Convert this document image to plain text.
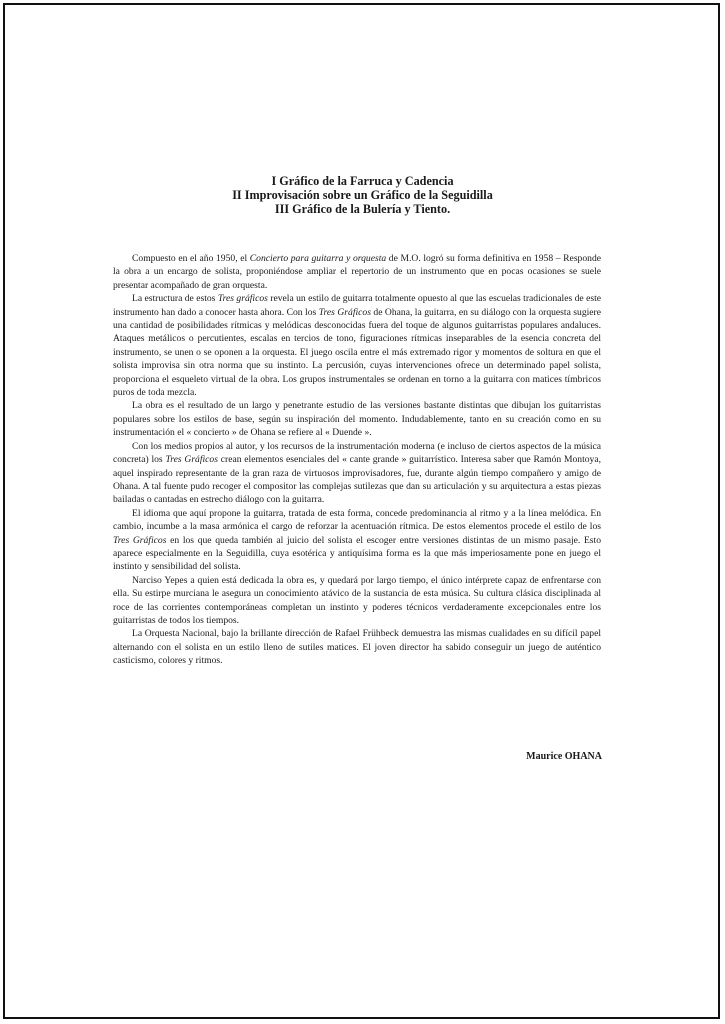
I Gráfico de la Farruca y Cadencia
II Improvisación sobre un Gráfico de la Seguidilla
III Gráfico de la Bulería y Tiento.

Compuesto en el año 1950, el Concierto para guitarra y orquesta de M.O. logró su forma definitiva en 1958 – Responde la obra a un encargo de solista, proponiéndose ampliar el repertorio de un instrumento que en pocas ocasiones se suele presentar acompañado de gran orquesta.

La estructura de estos Tres gráficos revela un estilo de guitarra totalmente opuesto al que las escuelas tradicionales de este instrumento han dado a conocer hasta ahora. Con los Tres Gráficos de Ohana, la guitarra, en su diálogo con la orquesta sugiere una cantidad de posibilidades rítmicas y melódicas desconocidas fuera del toque de algunos guitarristas populares andaluces. Ataques metálicos o percutientes, escalas en tercios de tono, figuraciones rítmicas inseparables de la esencia concreta del instrumento, se unen o se oponen a la orquesta. El juego oscila entre el más extremado rigor y momentos de soltura en que el solista improvisa sin otra norma que su instinto. La percusión, cuyas intervenciones ofrece un determinado papel solista, proporciona el esqueleto virtual de la obra. Los grupos instrumentales se ordenan en torno a la guitarra con matices tímbricos puros de toda mezcla.

La obra es el resultado de un largo y penetrante estudio de las versiones bastante distintas que dibujan los guitarristas populares sobre los estilos de base, según su inspiración del momento. Indudablemente, tanto en su creación como en su instrumentación el « concierto » de Ohana se refiere al « Duende ».

Con los medios propios al autor, y los recursos de la instrumentación moderna (e incluso de ciertos aspectos de la música concreta) los Tres Gráficos crean elementos esenciales del « cante grande » guitarrístico. Interesa saber que Ramón Montoya, aquel inspirado representante de la gran raza de virtuosos improvisadores, fue, durante algún tiempo compañero y amigo de Ohana. A tal fuente pudo recoger el compositor las complejas sutilezas que dan su articulación y su arquitectura a estas piezas bailadas o cantadas en estrecho diálogo con la guitarra.

El idioma que aquí propone la guitarra, tratada de esta forma, concede predominancia al ritmo y a la línea melódica. En cambio, incumbe a la masa armónica el cargo de reforzar la acentuación rítmica. De estos elementos procede el estilo de los Tres Gráficos en los que queda también al juicio del solista el escoger entre versiones distintas de un mismo pasaje. Esto aparece especialmente en la Seguidilla, cuya esotérica y antiquísima forma es la que más imperiosamente pone en juego el instinto y sensibilidad del solista.

Narciso Yepes a quien está dedicada la obra es, y quedará por largo tiempo, el único intérprete capaz de enfrentarse con ella. Su estirpe murciana le asegura un conocimiento atávico de la sustancia de esta música. Su cultura clásica disciplinada al roce de las corrientes contemporáneas completan un instinto y poderes técnicos verdaderamente excepcionales entre los guitarristas de todos los tiempos.

La Orquesta Nacional, bajo la brillante dirección de Rafael Frühbeck demuestra las mismas cualidades en su difícil papel alternando con el solista en un estilo lleno de sutiles matices. El joven director ha sabido conseguir un juego de auténtico casticismo, colores y ritmos.

Maurice OHANA
